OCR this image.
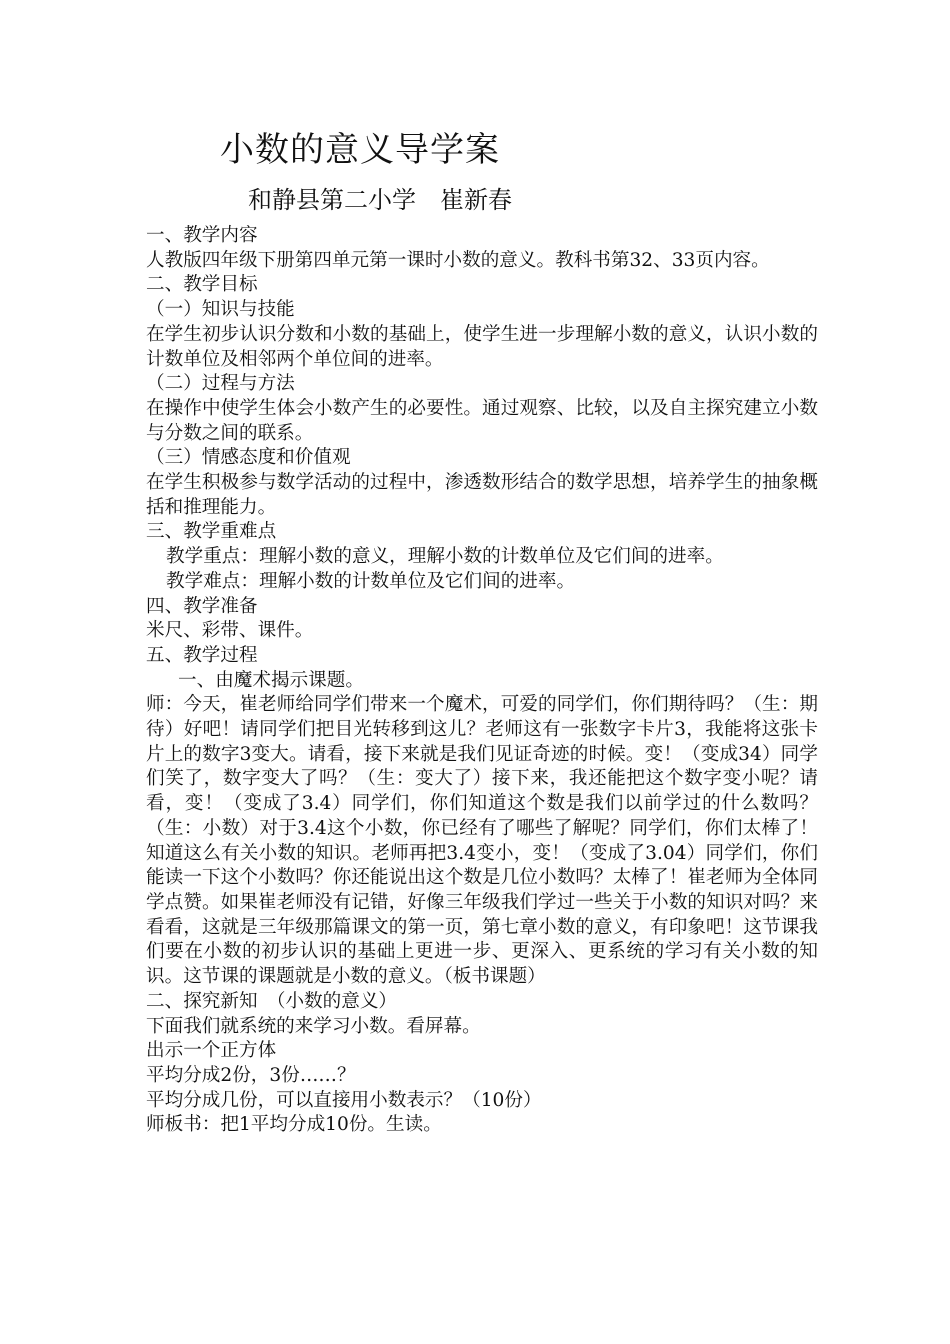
小数的意义导学案
和静县第二小学 崔新春
一、教学内容

人教版四年级下册第四单元第一课时小数的意义。教科书第32、33页内容。

二、教学目标
（一）知识与技能

在学生初步认识分数和小数的基础上，使学生进一步理解小数的意义，认识小数的计数单位及相邻两个单位间的进率。

（二）过程与方法

在操作中使学生体会小数产生的必要性。通过观察、比较，以及自主探究建立小数与分数之间的联系。

（三）情感态度和价值观

在学生积极参与数学活动的过程中，渗透数形结合的数学思想，培养学生的抽象概括和推理能力。

三、教学重难点
教学重点：理解小数的意义，理解小数的计数单位及它们间的进率。
教学难点：理解小数的计数单位及它们间的进率。
四、教学准备
米尺、彩带、课件。
五、教学过程
一、由魔术揭示课题。

师：今天，崔老师给同学们带来一个魔术，可爱的同学们，你们期待吗？（生：期待）好吧！请同学们把目光转移到这儿？老师这有一张数字卡片3，我能将这张卡片上的数字3变大。请看，接下来就是我们见证奇迹的时候。变！（变成34）同学们笑了，数字变大了吗？（生：变大了）接下来，我还能把这个数字变小呢？请看，变！（变成了3.4）同学们，你们知道这个数是我们以前学过的什么数吗？（生：小数）对于3.4这个小数，你已经有了哪些了解呢？同学们，你们太棒了！知道这么有关小数的知识。老师再把3.4变小，变！（变成了3.04）同学们，你们能读一下这个小数吗？你还能说出这个数是几位小数吗？太棒了！崔老师为全体同学点赞。如果崔老师没有记错，好像三年级我们学过一些关于小数的知识对吗？来看看，这就是三年级那篇课文的第一页，第七章小数的意义，有印象吧！这节课我们要在小数的初步认识的基础上更进一步、更深入、更系统的学习有关小数的知识。这节课的课题就是小数的意义。（板书课题）

二、探究新知　（小数的意义）
下面我们就系统的来学习小数。看屏幕。
出示一个正方体
平均分成2份，3份……？
平均分成几份，可以直接用小数表示？（10份）
师板书：把1平均分成10份。生读。
